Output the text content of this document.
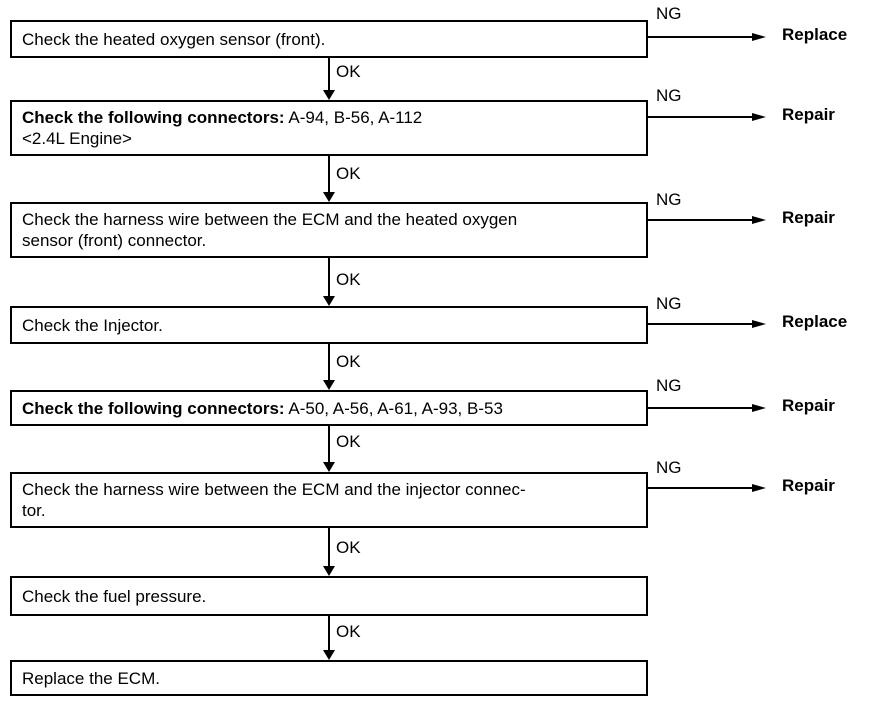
Check the heated oxygen sensor (front).
Check the following connectors: A-94, B-56, A-112
<2.4L Engine>
Check the harness wire between the ECM and the heated oxygen
sensor (front) connector.
Check the Injector.
Check the following connectors: A-50, A-56, A-61, A-93, B-53
Check the harness wire between the ECM and the injector connec-
tor.
Check the fuel pressure.
Replace the ECM.
OK
OK
OK
OK
OK
OK
OK
NG
Replace
NG
Repair
NG
Repair
NG
Replace
NG
Repair
NG
Repair
